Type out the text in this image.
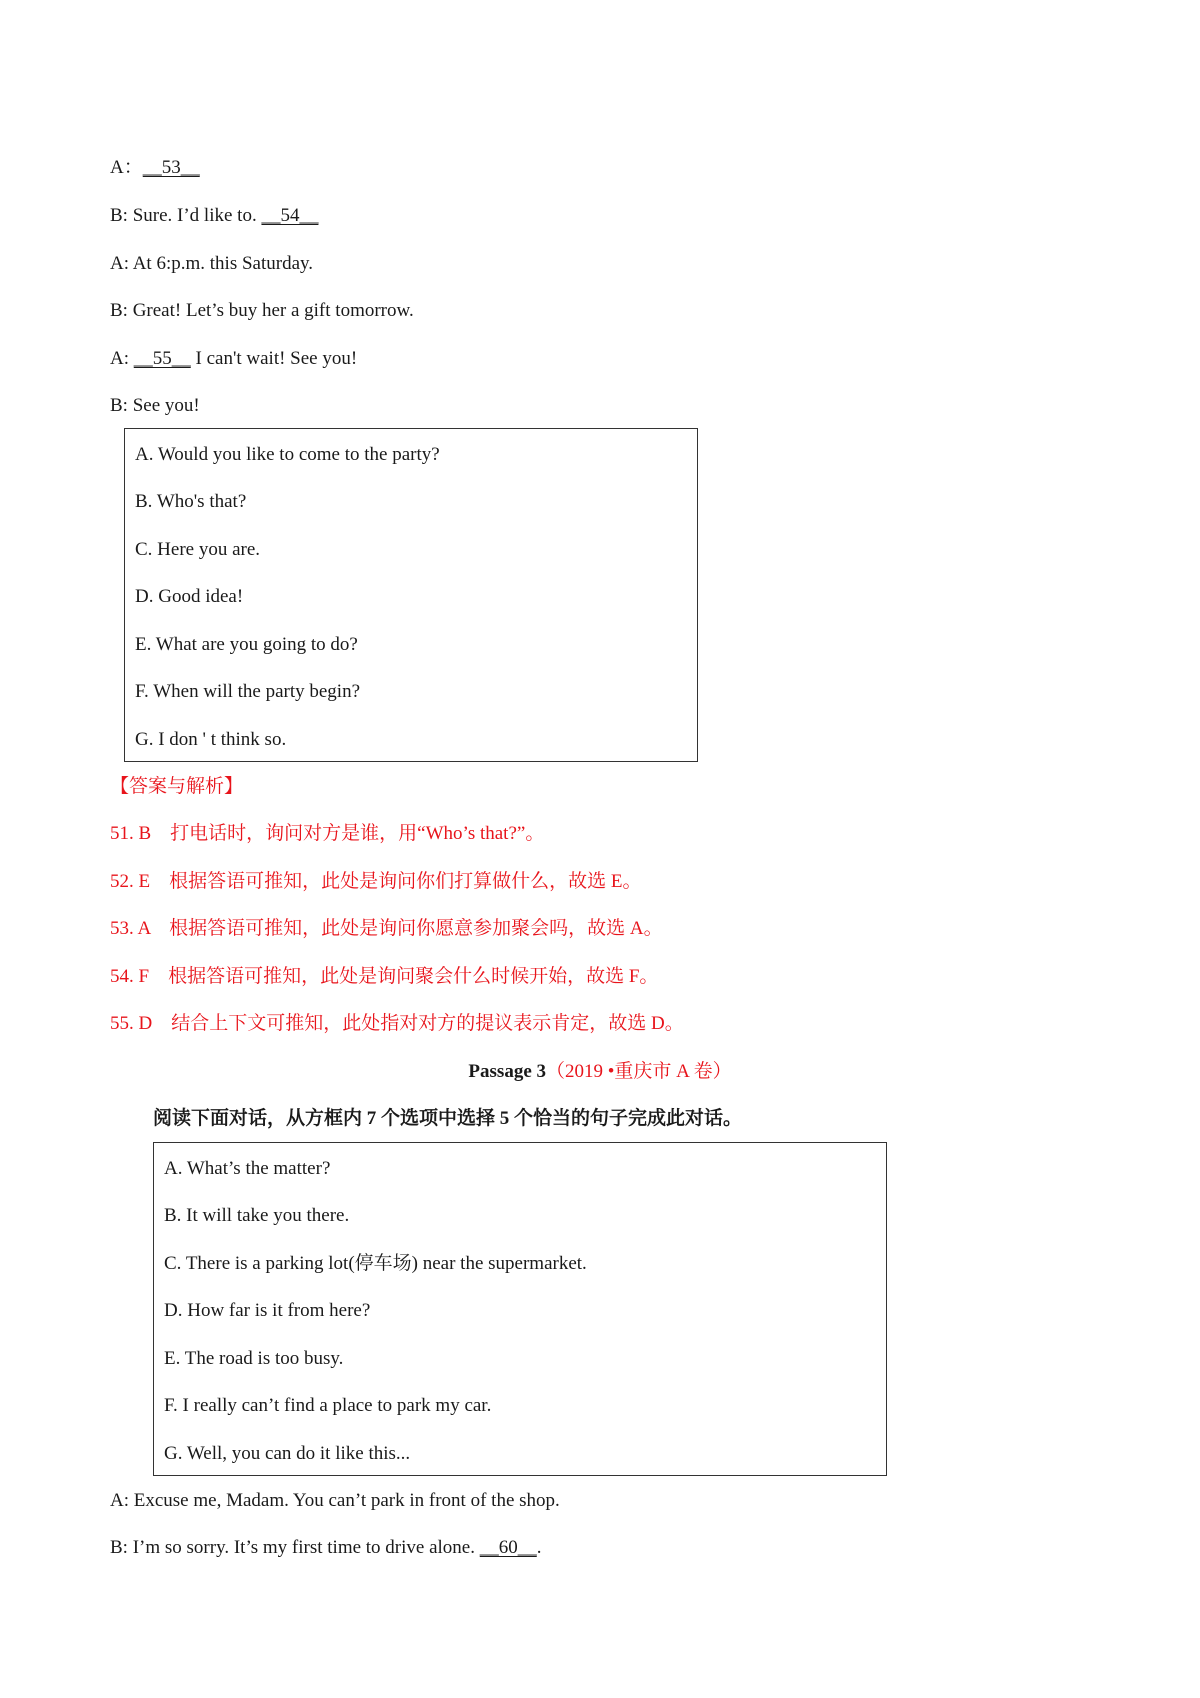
A：__53__
B: Sure. I’d like to. __54__
A: At 6:p.m. this Saturday.
B: Great! Let’s buy her a gift tomorrow.
A: __55__ I can't wait! See you!
B: See you!
A. Would you like to come to the party?
B. Who's that?
C. Here you are.
D. Good idea!
E. What are you going to do?
F. When will the party begin?
G. I don ' t think so.
【答案与解析】
51. B　打电话时，询问对方是谁，用“Who’s that?”。
52. E　根据答语可推知，此处是询问你们打算做什么，故选 E。
53. A　根据答语可推知，此处是询问你愿意参加聚会吗，故选 A。
54. F　根据答语可推知，此处是询问聚会什么时候开始，故选 F。
55. D　结合上下文可推知，此处指对对方的提议表示肯定，故选 D。
Passage 3（2019 •重庆市 A 卷）
阅读下面对话，从方框内 7 个选项中选择 5 个恰当的句子完成此对话。
A. What’s the matter?
B. It will take you there.
C. There is a parking lot(停车场) near the supermarket.
D. How far is it from here?
E. The road is too busy.
F. I really can’t find a place to park my car.
G. Well, you can do it like this...
A: Excuse me, Madam. You can’t park in front of the shop.
B: I’m so sorry. It’s my first time to drive alone. __60__.
